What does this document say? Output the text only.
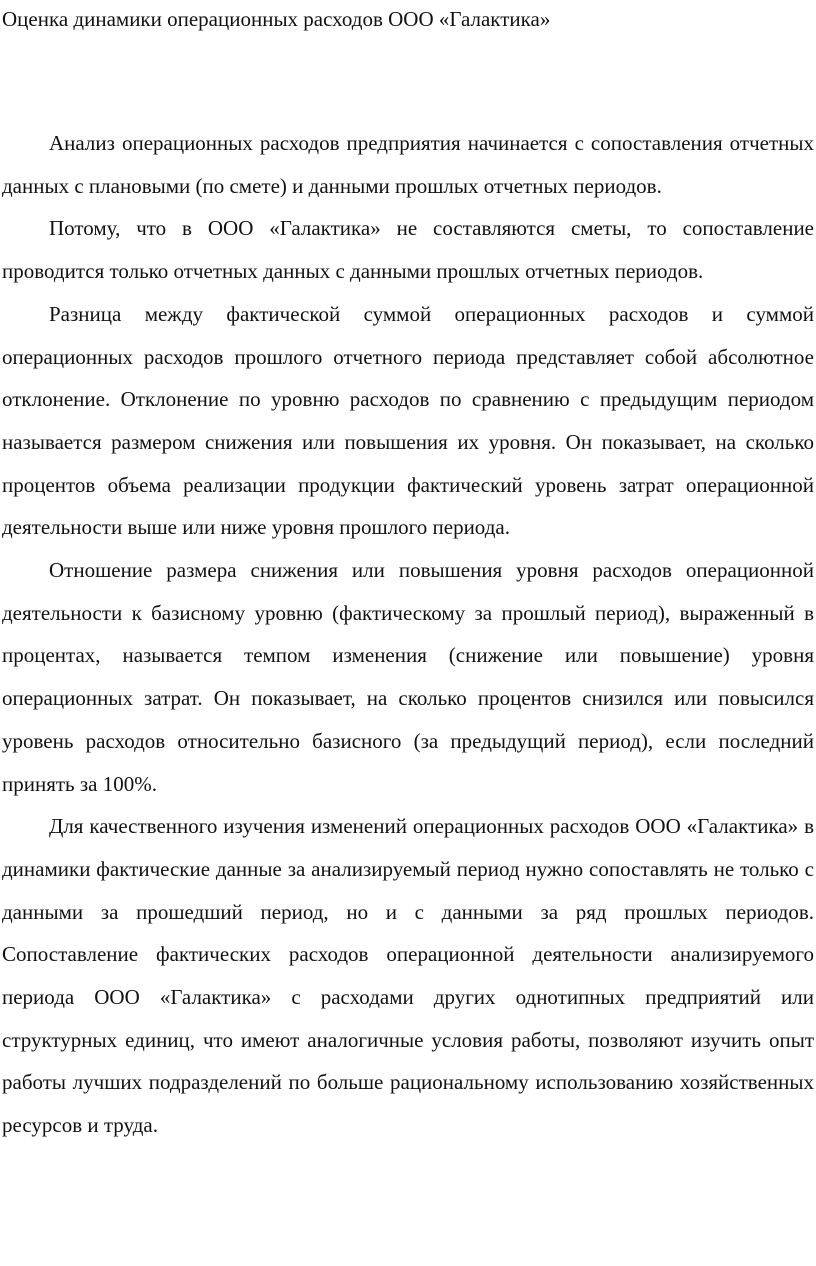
Оценка динамики операционных расходов ООО «Галактика»

Анализ операционных расходов предприятия начинается с сопоставления отчетных данных с плановыми (по смете) и данными прошлых отчетных периодов.

Потому, что в ООО «Галактика» не составляются сметы, то сопоставление проводится только отчетных данных с данными прошлых отчетных периодов.

Разница между фактической суммой операционных расходов и суммой операционных расходов прошлого отчетного периода представляет собой абсолютное отклонение. Отклонение по уровню расходов по сравнению с предыдущим периодом называется размером снижения или повышения их уровня. Он показывает, на сколько процентов объема реализации продукции фактический уровень затрат операционной деятельности выше или ниже уровня прошлого периода.

Отношение размера снижения или повышения уровня расходов операционной деятельности к базисному уровню (фактическому за прошлый период), выраженный в процентах, называется темпом изменения (снижение или повышение) уровня операционных затрат. Он показывает, на сколько процентов снизился или повысился уровень расходов относительно базисного (за предыдущий период), если последний принять за 100%.

Для качественного изучения изменений операционных расходов ООО «Галактика» в динамики фактические данные за анализируемый период нужно сопоставлять не только с данными за прошедший период, но и с данными за ряд прошлых периодов. Сопоставление фактических расходов операционной деятельности анализируемого периода ООО «Галактика» с расходами других однотипных предприятий или структурных единиц, что имеют аналогичные условия работы, позволяют изучить опыт работы лучших подразделений по больше рациональному использованию хозяйственных ресурсов и труда.
